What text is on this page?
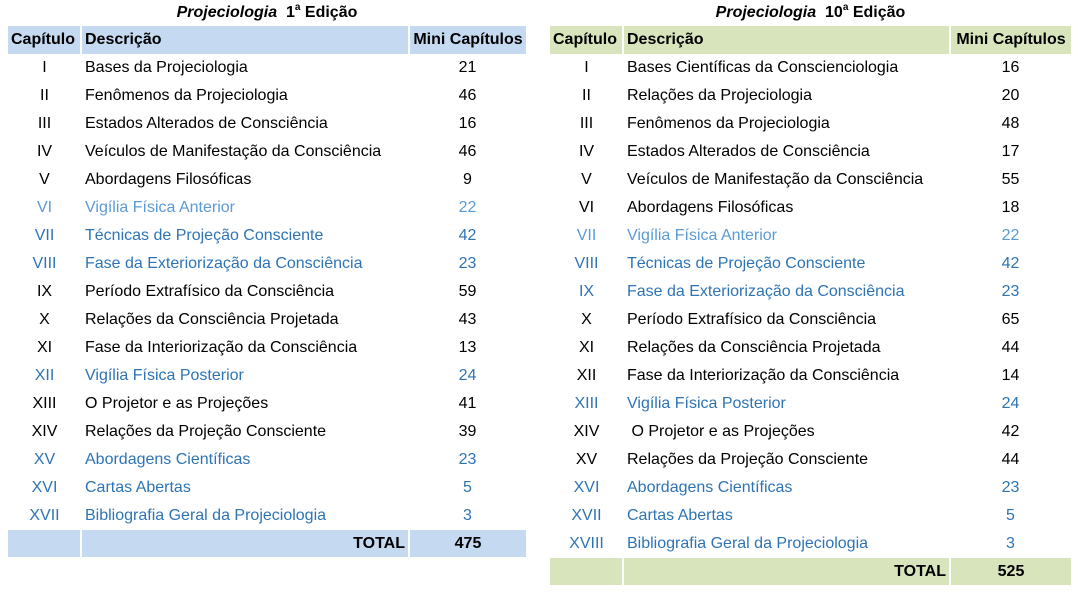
Projeciologia 1$^a$ Edição
Capítulo	Descrição	Mini Capítulos
I	Bases da Projeciologia	21
II	Fenômenos da Projeciologia	46
III	Estados Alterados de Consciência	16
IV	Veículos de Manifestação da Consciência	46
V	Abordagens Filosóficas	9
VI	Vigília Física Anterior	22
VII	Técnicas de Projeção Consciente	42
VIII	Fase da Exteriorização da Consciência	23
IX	Período Extrafísico da Consciência	59
X	Relações da Consciência Projetada	43
XI	Fase da Interiorização da Consciência	13
XII	Vigília Física Posterior	24
XIII	O Projetor e as Projeções	41
XIV	Relações da Projeção Consciente	39
XV	Abordagens Científicas	23
XVI	Cartas Abertas	5
XVII	Bibliografia Geral da Projeciologia	3
	TOTAL	475
Projeciologia 10$^a$ Edição
Capítulo	Descrição	Mini Capítulos
I	Bases Científicas da Conscienciologia	16
II	Relações da Projeciologia	20
III	Fenômenos da Projeciologia	48
IV	Estados Alterados de Consciência	17
V	Veículos de Manifestação da Consciência	55
VI	Abordagens Filosóficas	18
VII	Vigília Física Anterior	22
VIII	Técnicas de Projeção Consciente	42
IX	Fase da Exteriorização da Consciência	23
X	Período Extrafísico da Consciência	65
XI	Relações da Consciência Projetada	44
XII	Fase da Interiorização da Consciência	14
XIII	Vigília Física Posterior	24
XIV	O Projetor e as Projeções	42
XV	Relações da Projeção Consciente	44
XVI	Abordagens Científicas	23
XVII	Cartas Abertas	5
XVIII	Bibliografia Geral da Projeciologia	3
	TOTAL	525
